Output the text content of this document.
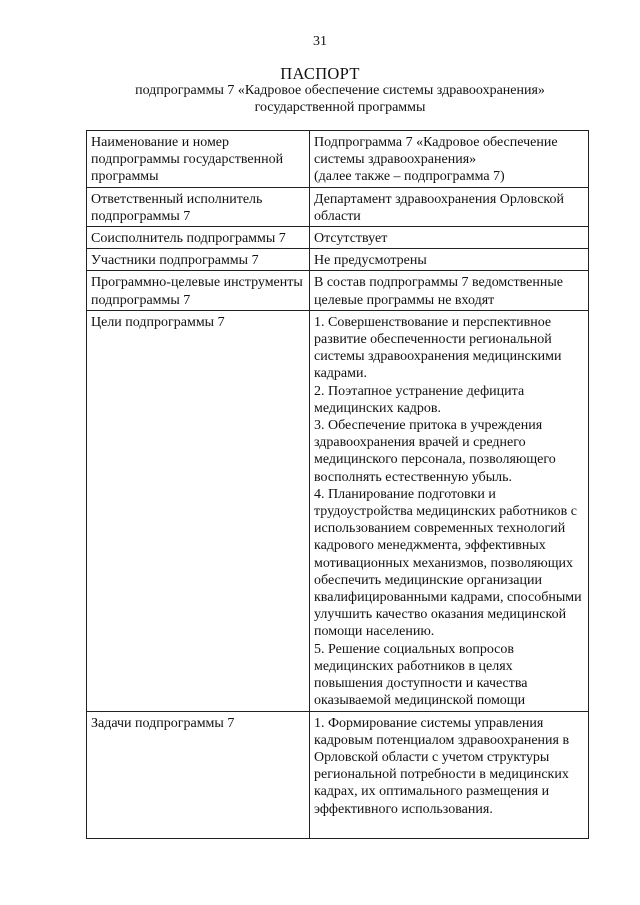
31
ПАСПОРТ
подпрограммы 7 «Кадровое обеспечение системы здравоохранения»
государственной программы
Наименование и номер подпрограммы государственной программы	Подпрограмма 7 «Кадровое обеспечение системы здравоохранения»
(далее также – подпрограмма 7)
Ответственный исполнитель подпрограммы 7	Департамент здравоохранения Орловской области
Соисполнитель подпрограммы 7	Отсутствует
Участники подпрограммы 7	Не предусмотрены
Программно-целевые инструменты подпрограммы 7	В состав подпрограммы 7 ведомственные целевые программы не входят
Цели подпрограммы 7	1. Совершенствование и перспективное развитие обеспеченности региональной системы здравоохранения медицинскими кадрами.
2. Поэтапное устранение дефицита медицинских кадров.
3. Обеспечение притока в учреждения здравоохранения врачей и среднего медицинского персонала, позволяющего восполнять естественную убыль.
4. Планирование подготовки и трудоустройства медицинских работников с использованием современных технологий кадрового менеджмента, эффективных мотивационных механизмов, позволяющих обеспечить медицинские организации квалифицированными кадрами, способными улучшить качество оказания медицинской помощи населению.
5. Решение социальных вопросов медицинских работников в целях повышения доступности и качества оказываемой медицинской помощи
Задачи подпрограммы 7	1. Формирование системы управления кадровым потенциалом здравоохранения в Орловской области с учетом структуры региональной потребности в медицинских кадрах, их оптимального размещения и эффективного использования.
